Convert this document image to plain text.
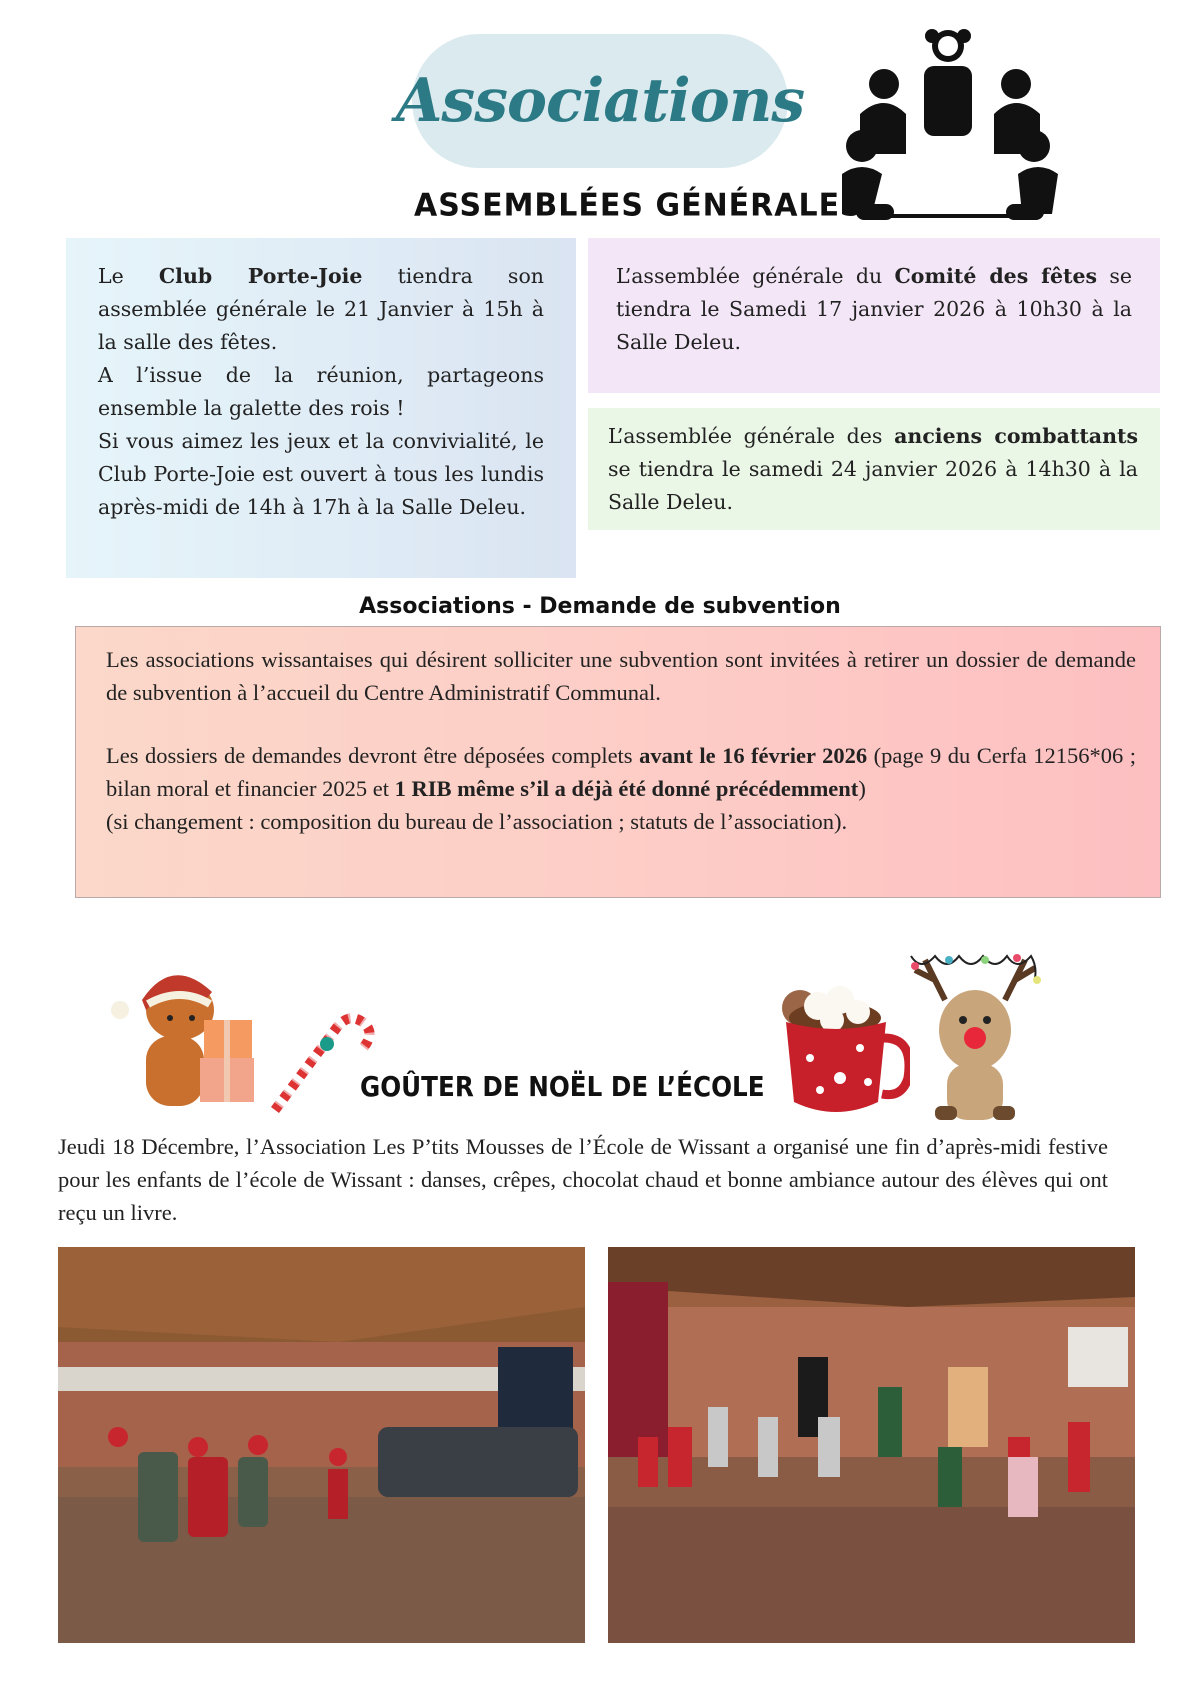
Associations
ASSEMBLÉES GÉNÉRALES
Le Club Porte-Joie tiendra son assemblée générale le 21 Janvier à 15h à la salle des fêtes.
A l’issue de la réunion, partageons ensemble la galette des rois !
Si vous aimez les jeux et la convivialité, le Club Porte-Joie est ouvert à tous les lundis après-midi de 14h à 17h à la Salle Deleu.
L’assemblée générale du Comité des fêtes se tiendra le Samedi 17 janvier 2026 à 10h30 à la Salle Deleu.
L’assemblée générale des anciens combattants se tiendra le samedi 24 janvier 2026 à 14h30 à la Salle Deleu.
Associations - Demande de subvention

Les associations wissantaises qui désirent solliciter une subvention sont invitées à retirer un dossier de demande de subvention à l’accueil du Centre Administratif Communal.

Les dossiers de demandes devront être déposées complets avant le 16 février 2026 (page 9 du Cerfa 12156*06 ; bilan moral et financier 2025 et 1 RIB même s’il a déjà été donné précédemment)

(si changement : composition du bureau de l’association ; statuts de l’association).

GOÛTER DE NOËL DE L’ÉCOLE
Jeudi 18 Décembre, l’Association Les P’tits Mousses de l’École de Wissant a organisé une fin d’après-midi festive pour les enfants de l’école de Wissant : danses, crêpes, chocolat chaud et bonne ambiance autour des élèves qui ont reçu un livre.
